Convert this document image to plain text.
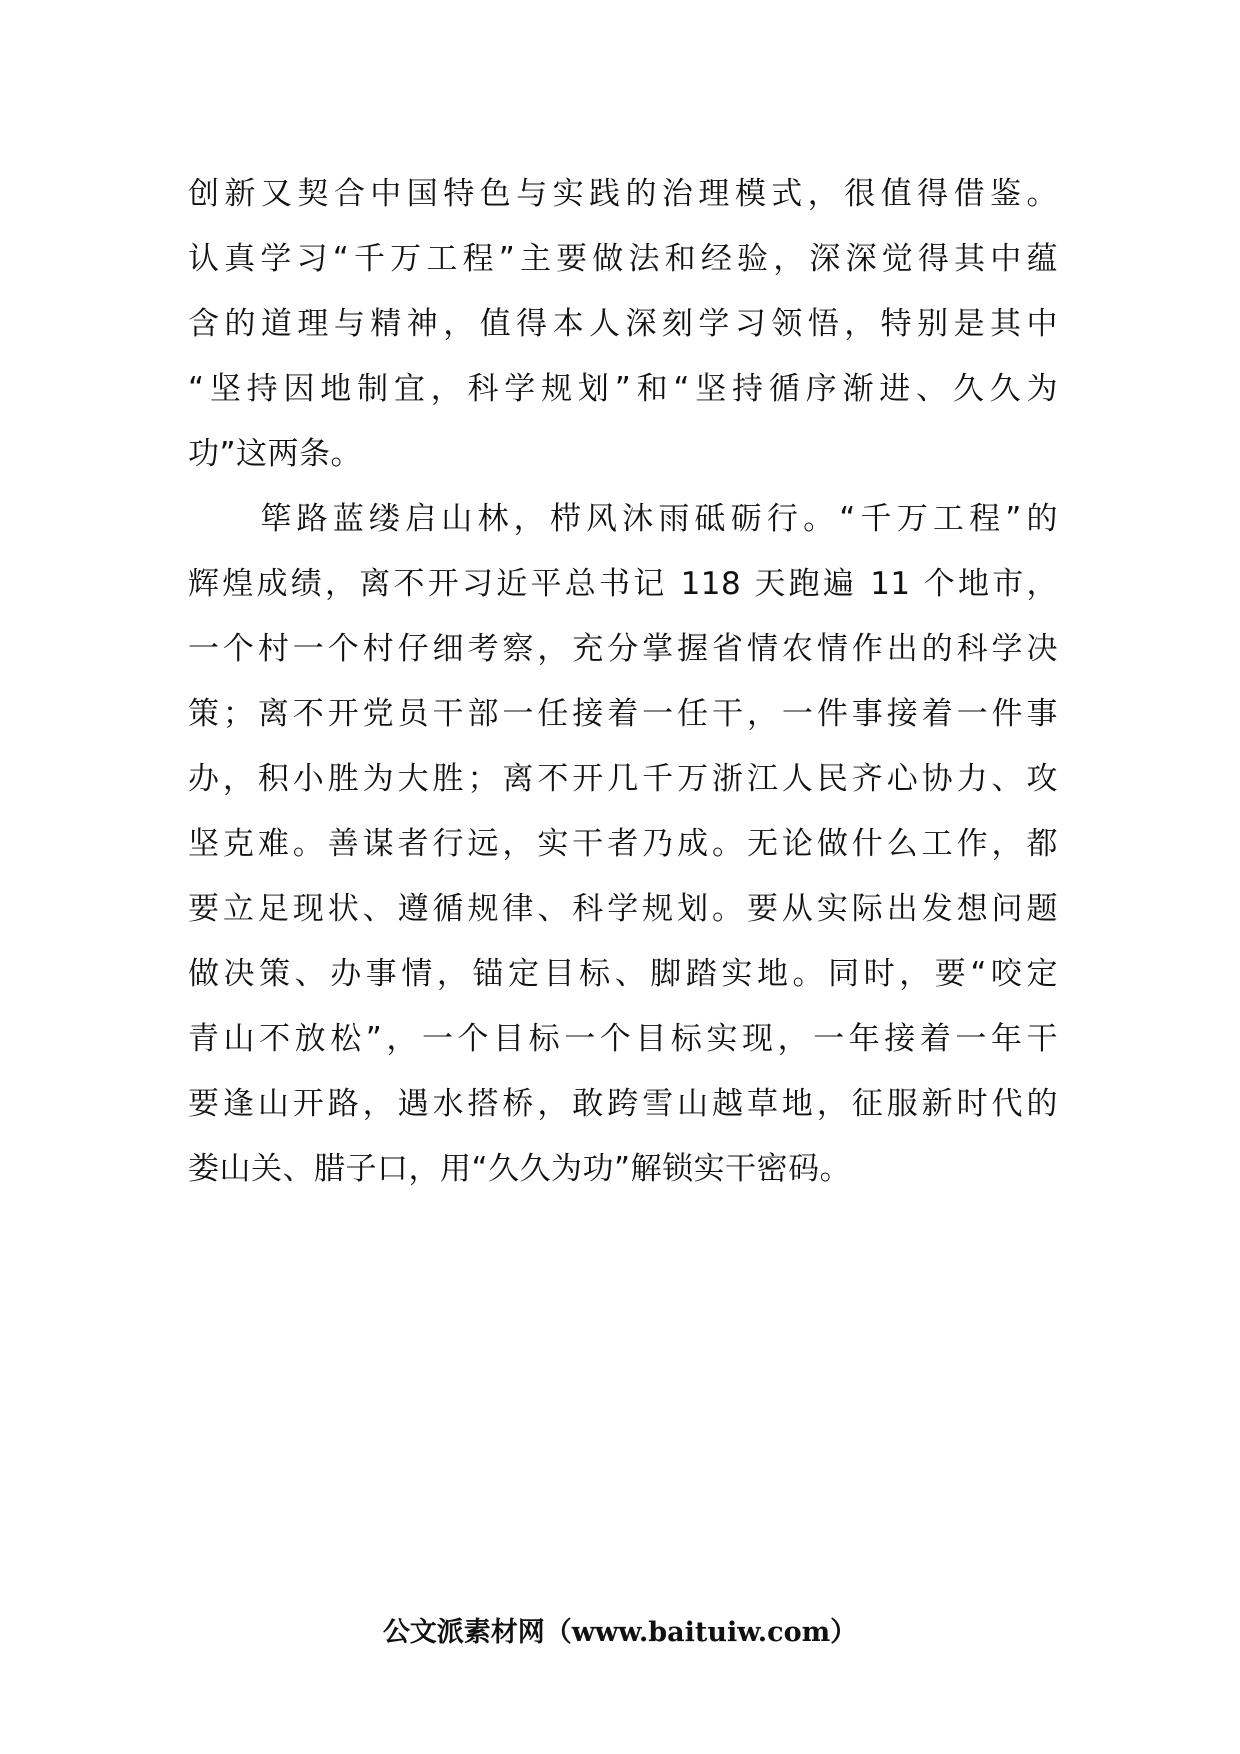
创新又契合中国特色与实践的治理模式，很值得借鉴。
认真学习“千万工程”主要做法和经验，深深觉得其中蕴
含的道理与精神，值得本人深刻学习领悟，特别是其中
“坚持因地制宜，科学规划”和“坚持循序渐进、久久为
功”这两条。
　　筚路蓝缕启山林，栉风沐雨砥砺行。“千万工程”的
辉煌成绩，离不开习近平总书记 118 天跑遍 11 个地市，
一个村一个村仔细考察，充分掌握省情农情作出的科学决
策；离不开党员干部一任接着一任干，一件事接着一件事
办，积小胜为大胜；离不开几千万浙江人民齐心协力、攻
坚克难。善谋者行远，实干者乃成。无论做什么工作，都
要立足现状、遵循规律、科学规划。要从实际出发想问题
做决策、办事情，锚定目标、脚踏实地。同时，要“咬定
青山不放松”，一个目标一个目标实现，一年接着一年干
要逢山开路，遇水搭桥，敢跨雪山越草地，征服新时代的
娄山关、腊子口，用“久久为功”解锁实干密码。
公文派素材网（www.baituiw.com）
